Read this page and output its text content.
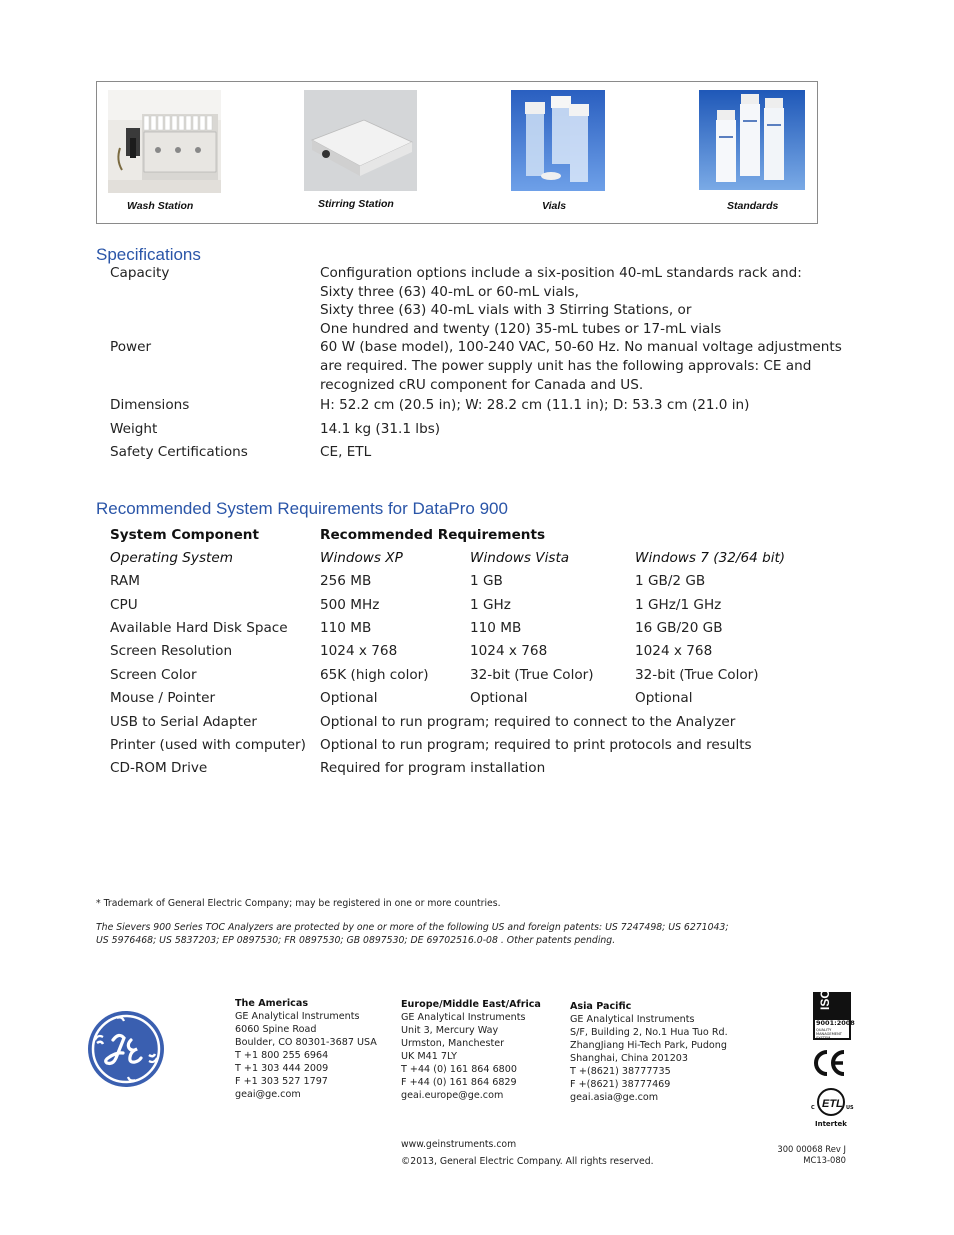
Wash Station	Stirring Station	Vials	Standards
Specifications
Capacity	Configuration options include a six-position 40-mL standards rack and:
Sixty three (63) 40-mL or 60-mL vials,
Sixty three (63) 40-mL vials with 3 Stirring Stations, or
One hundred and twenty (120) 35-mL tubes or 17-mL vials
Power	60 W (base model), 100-240 VAC, 50-60 Hz. No manual voltage adjustments
are required. The power supply unit has the following approvals: CE and
recognized cRU component for Canada and US.
Dimensions	H: 52.2 cm (20.5 in); W: 28.2 cm (11.1 in); D: 53.3 cm (21.0 in)
Weight	14.1 kg (31.1 lbs)
Safety Certifications	CE, ETL
Recommended System Requirements for DataPro 900
System Component	Recommended Requirements
Operating System	Windows XP	Windows Vista	Windows 7 (32/64 bit)
RAM	256 MB	1 GB	1 GB/2 GB
CPU	500 MHz	1 GHz	1 GHz/1 GHz
Available Hard Disk Space 110 MB	110 MB	16 GB/20 GB
Screen Resolution	1024 x 768	1024 x 768	1024 x 768
Screen Color	65K (high color)	32-bit (True Color)	32-bit (True Color)
Mouse / Pointer	Optional	Optional	Optional
USB to Serial Adapter	Optional to run program; required to connect to the Analyzer
Printer (used with computer) Optional to run program; required to print protocols and results
CD-ROM Drive	Required for program installation
* Trademark of General Electric Company; may be registered in one or more countries.
The Sievers 900 Series TOC Analyzers are protected by one or more of the following US and foreign patents: US 7247498; US 6271043;
US 5976468; US 5837203; EP 0897530; FR 0897530; GB 0897530; DE 69702516.0-08 . Other patents pending.
The Americas
GE Analytical Instruments
6060 Spine Road
Boulder, CO 80301-3687 USA
T +1 800 255 6964
T +1 303 444 2009
F +1 303 527 1797
geai@ge.com
Europe/Middle East/Africa
GE Analytical Instruments
Unit 3, Mercury Way
Urmston, Manchester
UK M41 7LY
T +44 (0) 161 864 6800
F +44 (0) 161 864 6829
geai.europe@ge.com
Asia Pacific
GE Analytical Instruments
S/F, Building 2, No.1 Hua Tuo Rd.
ZhangJiang Hi-Tech Park, Pudong
Shanghai, China 201203
T +(8621) 38777735
F +(8621) 38777469
geai.asia@ge.com
ISO
9001:2008
QUALITY MANAGEMENT SYSTEM
ETL
C	US
Intertek
www.geinstruments.com
©2013, General Electric Company. All rights reserved.
300 00068 Rev J
MC13-080
